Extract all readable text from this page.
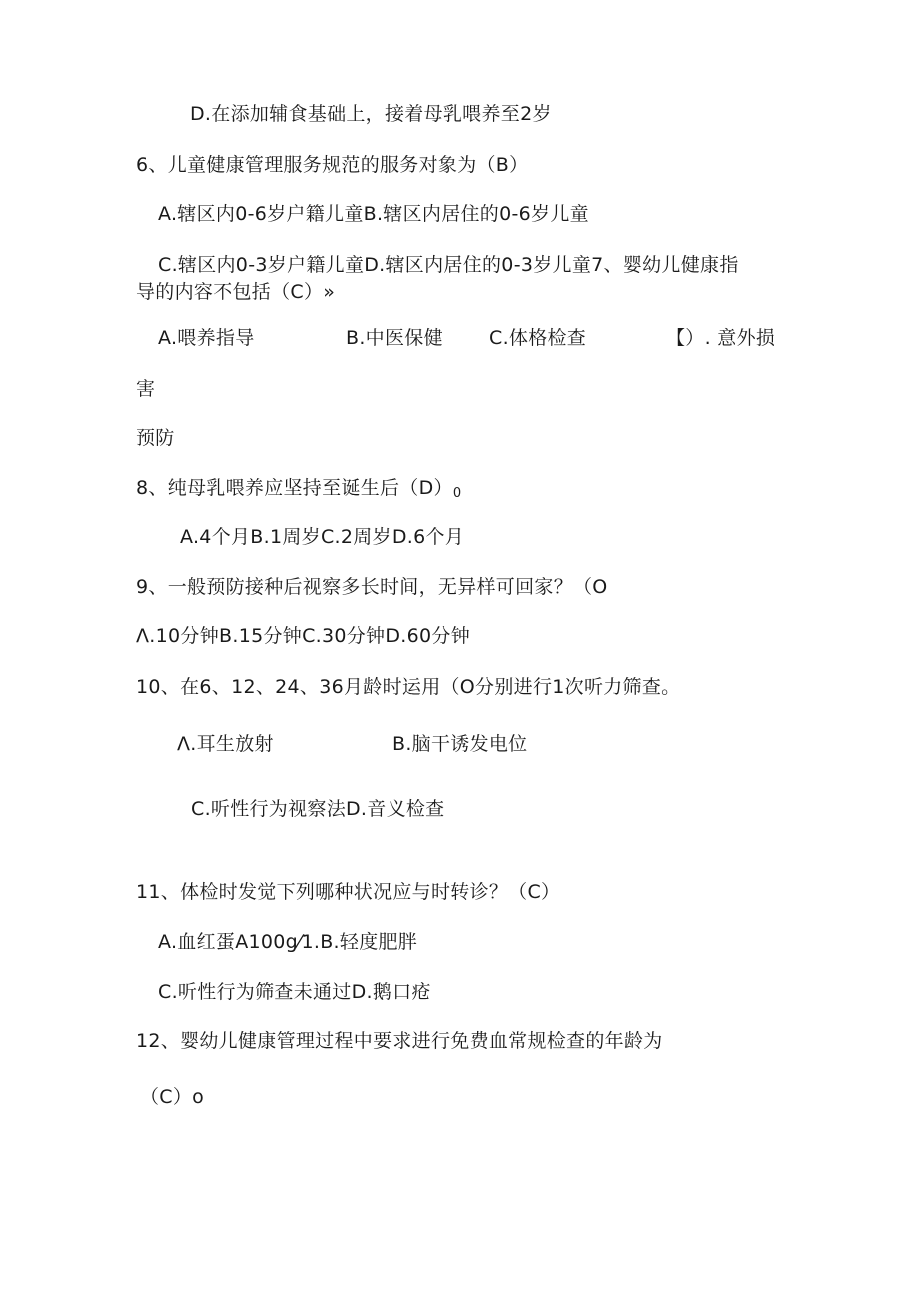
D.在添加辅食基础上，接着母乳喂养至2岁
6、儿童健康管理服务规范的服务对象为（B）
A.辖区内0-6岁户籍儿童B.辖区内居住的0-6岁儿童
C.辖区内0-3岁户籍儿童D.辖区内居住的0-3岁儿童7、婴幼儿健康指
导的内容不包括（C）»
A.喂养指导	B.中医保健 C.体格检查	【）. 意外损
害
预防
8、纯母乳喂养应坚持至诞生后（D）0
A.4个月B.1周岁C.2周岁D.6个月
9、一般预防接种后视察多长时间，无异样可回家？（O
Λ.10分钟B.15分钟C.30分钟D.60分钟
10、在6、12、24、36月龄时运用（O分别进行1次听力筛查。
Λ.耳生放射	B.脑干诱发电位
C.听性行为视察法D.音义检查
11、体检时发觉下列哪种状况应与时转诊？（C）
A.血红蛋A100g⁄1.B.轻度肥胖
C.听性行为筛查未通过D.鹅口疮
12、婴幼儿健康管理过程中要求进行免费血常规检查的年龄为
（C）o
